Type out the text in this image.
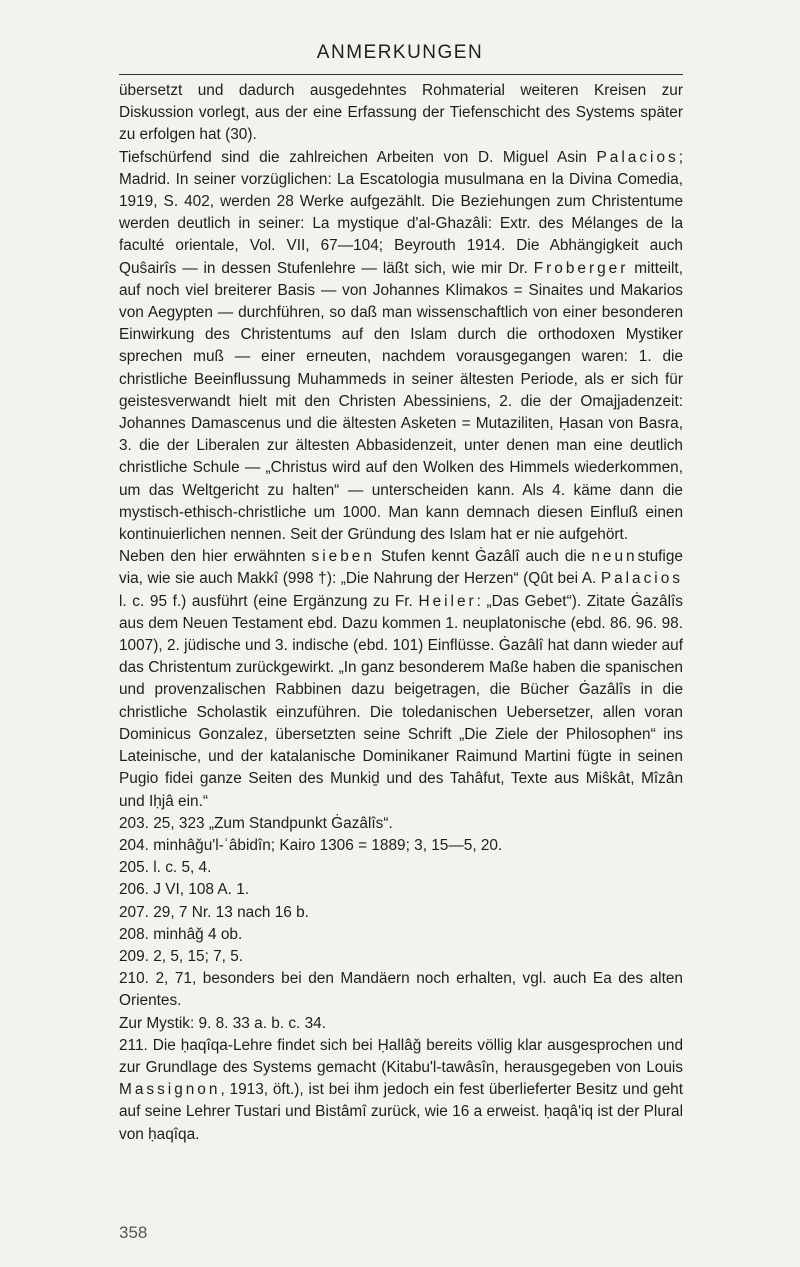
ANMERKUNGEN

übersetzt und dadurch ausgedehntes Rohmaterial weiteren Kreisen zur Diskussion vorlegt, aus der eine Erfassung der Tiefenschicht des Systems später zu erfolgen hat (30).

Tiefschürfend sind die zahlreichen Arbeiten von D. Miguel Asin Palacios; Madrid. In seiner vorzüglichen: La Escatologia musulmana en la Divina Comedia, 1919, S. 402, werden 28 Werke aufgezählt. Die Beziehungen zum Christentume werden deutlich in seiner: La mystique d'al-Ghazâli: Extr. des Mélanges de la faculté orientale, Vol. VII, 67—104; Beyrouth 1914. Die Abhängigkeit auch Quŝairîs — in dessen Stufenlehre — läßt sich, wie mir Dr. Froberger mitteilt, auf noch viel breiterer Basis — von Johannes Klimakos = Sinaites und Makarios von Aegypten — durchführen, so daß man wissenschaftlich von einer besonderen Einwirkung des Christentums auf den Islam durch die orthodoxen Mystiker sprechen muß — einer erneuten, nachdem vorausgegangen waren: 1. die christliche Beeinflussung Muhammeds in seiner ältesten Periode, als er sich für geistesverwandt hielt mit den Christen Abessiniens, 2. die der Omajjadenzeit: Johannes Damascenus und die ältesten Asketen = Mutaziliten, Ḥasan von Basra, 3. die der Liberalen zur ältesten Abbasidenzeit, unter denen man eine deutlich christliche Schule — „Christus wird auf den Wolken des Himmels wiederkommen, um das Weltgericht zu halten“ — unterscheiden kann. Als 4. käme dann die mystisch-ethisch-christliche um 1000. Man kann demnach diesen Einfluß einen kontinuierlichen nennen. Seit der Gründung des Islam hat er nie aufgehört.

Neben den hier erwähnten sieben Stufen kennt Ġazâlî auch die neunstufige via, wie sie auch Makkî (998 †): „Die Nahrung der Herzen“ (Qût bei A. Palacios l. c. 95 f.) ausführt (eine Ergänzung zu Fr. Heiler: „Das Gebet“). Zitate Ġazâlîs aus dem Neuen Testament ebd. Dazu kommen 1. neuplatonische (ebd. 86. 96. 98. 1007), 2. jüdische und 3. indische (ebd. 101) Einflüsse. Ġazâlî hat dann wieder auf das Christentum zurückgewirkt. „In ganz besonderem Maße haben die spanischen und provenzalischen Rabbinen dazu beigetragen, die Bücher Ġazâlîs in die christliche Scholastik einzuführen. Die toledanischen Uebersetzer, allen voran Dominicus Gonzalez, übersetzten seine Schrift „Die Ziele der Philosophen“ ins Lateinische, und der katalanische Dominikaner Raimund Martini fügte in seinen Pugio fidei ganze Seiten des Munkiḏ und des Tahâfut, Texte aus Miŝkât, Mîzân und Iḥjâ ein.“

203. 25, 323 „Zum Standpunkt Ġazâlîs“.

204. minhâǧu'l-ʿâbidîn; Kairo 1306 = 1889; 3, 15—5, 20.

205. l. c. 5, 4.

206. J VI, 108 A. 1.

207. 29, 7 Nr. 13 nach 16 b.

208. minhâǧ 4 ob.

209. 2, 5, 15; 7, 5.

210. 2, 71, besonders bei den Mandäern noch erhalten, vgl. auch Ea des alten Orientes.

Zur Mystik: 9. 8. 33 a. b. c. 34.

211. Die ḥaqîqa-Lehre findet sich bei Ḥallâǧ bereits völlig klar ausgesprochen und zur Grundlage des Systems gemacht (Kitabu'l-tawâsîn, herausgegeben von Louis Massignon, 1913, öft.), ist bei ihm jedoch ein fest überlieferter Besitz und geht auf seine Lehrer Tustari und Bistâmî zurück, wie 16 a erweist. ḥaqâ'iq ist der Plural von ḥaqîqa.

358
